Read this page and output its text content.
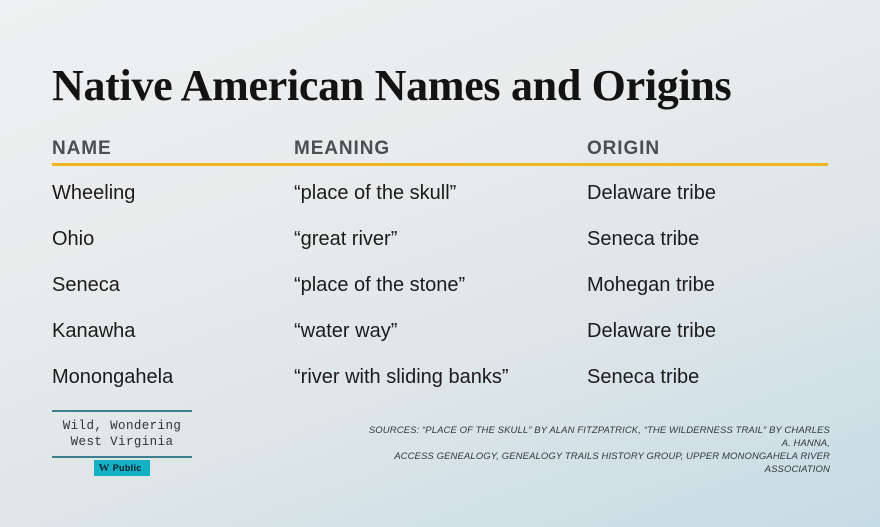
Native American Names and Origins
NAME	MEANING	ORIGIN
Wheeling	“place of the skull”	Delaware tribe
Ohio	“great river”	Seneca tribe
Seneca	“place of the stone”	Mohegan tribe
Kanawha	“water way”	Delaware tribe
Monongahela	“river with sliding banks”	Seneca tribe
Wild, Wondering
West Virginia
W Public
SOURCES: “PLACE OF THE SKULL” BY ALAN FITZPATRICK, “THE WILDERNESS TRAIL” BY CHARLES A. HANNA,
ACCESS GENEALOGY, GENEALOGY TRAILS HISTORY GROUP, UPPER MONONGAHELA RIVER ASSOCIATION
